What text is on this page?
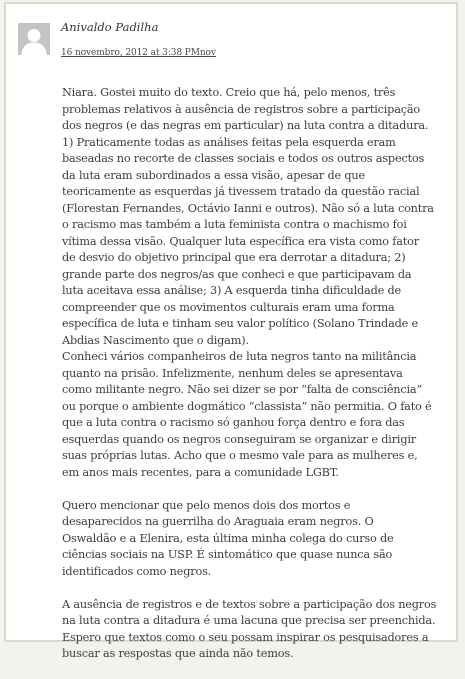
Anivaldo Padilha
16 novembro, 2012 at 3:38 PMnov

Niara. Gostei muito do texto. Creio que há, pelo menos, três
problemas relativos à ausência de registros sobre a participação
dos negros (e das negras em particular) na luta contra a ditadura.
1) Praticamente todas as análises feitas pela esquerda eram
baseadas no recorte de classes sociais e todos os outros aspectos
da luta eram subordinados a essa visão, apesar de que
teoricamente as esquerdas já tivessem tratado da questão racial
(Florestan Fernandes, Octávio Ianni e outros). Não só a luta contra
o racismo mas também a luta feminista contra o machismo foi
vítima dessa visão. Qualquer luta específica era vista como fator
de desvio do objetivo principal que era derrotar a ditadura; 2)
grande parte dos negros/as que conheci e que participavam da
luta aceitava essa análise; 3) A esquerda tinha dificuldade de
compreender que os movimentos culturais eram uma forma
específica de luta e tinham seu valor político (Solano Trindade e
Abdias Nascimento que o digam).
Conheci vários companheiros de luta negros tanto na militância
quanto na prisão. Infelizmente, nenhum deles se apresentava
como militante negro. Não sei dizer se por “falta de consciência”
ou porque o ambiente dogmático “classista” não permitia. O fato é
que a luta contra o racismo só ganhou força dentro e fora das
esquerdas quando os negros conseguiram se organizar e dirigir
suas próprias lutas. Acho que o mesmo vale para as mulheres e,
em anos mais recentes, para a comunidade LGBT.

Quero mencionar que pelo menos dois dos mortos e
desaparecidos na guerrilha do Araguaia eram negros. O
Oswaldão e a Elenira, esta última minha colega do curso de
ciências sociais na USP. É sintomático que quase nunca são
identificados como negros.

A ausência de registros e de textos sobre a participação dos negros
na luta contra a ditadura é uma lacuna que precisa ser preenchida.
Espero que textos como o seu possam inspirar os pesquisadores a
buscar as respostas que ainda não temos.
